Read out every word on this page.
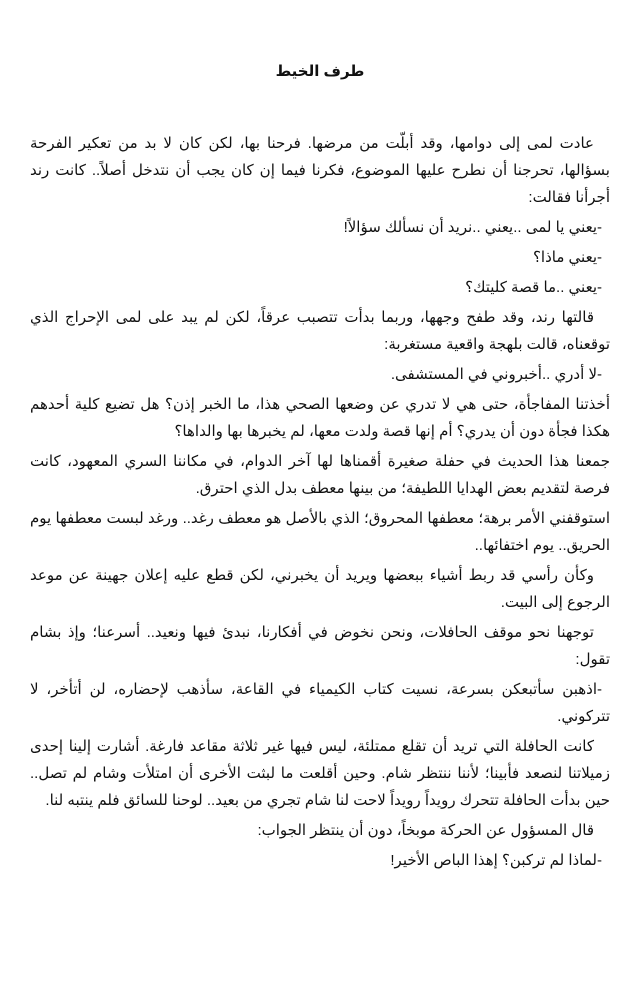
طرف الخيط

عادت لمى إلى دوامها، وقد أبلّت من مرضها. فرحنا بها، لكن كان لا بد من تعكير الفرحة بسؤالها، تحرجنا أن نطرح عليها الموضوع، فكرنا فيما إن كان يجب أن نتدخل أصلاً.. كانت رند أجرأنا فقالت:

-يعني يا لمى ..يعني ..نريد أن نسألك سؤالاً!

-يعني ماذا؟

-يعني ..ما قصة كليتك؟

قالتها رند، وقد طفح وجهها، وربما بدأت تتصبب عرقاً، لكن لم يبد على لمى الإحراج الذي توقعناه، قالت بلهجة واقعية مستغربة:

-لا أدري ..أخبروني في المستشفى.

أخذتنا المفاجأة، حتى هي لا تدري عن وضعها الصحي هذا، ما الخبر إذن؟ هل تضيع كلية أحدهم هكذا فجأة دون أن يدري؟ أم إنها قصة ولدت معها، لم يخبرها بها والداها؟

جمعنا هذا الحديث في حفلة صغيرة أقمناها لها آخر الدوام، في مكاننا السري المعهود، كانت فرصة لتقديم بعض الهدايا اللطيفة؛ من بينها معطف بدل الذي احترق.

استوقفني الأمر برهة؛ معطفها المحروق؛ الذي بالأصل هو معطف رغد.. ورغد لبست معطفها يوم الحريق.. يوم اختفائها..

وكأن رأسي قد ربط أشياء ببعضها ويريد أن يخبرني، لكن قطع عليه إعلان جهينة عن موعد الرجوع إلى البيت.

توجهنا نحو موقف الحافلات، ونحن نخوض في أفكارنا، نبدئ فيها ونعيد.. أسرعنا؛ وإذ بشام تقول:

-اذهبن سأتبعكن بسرعة، نسيت كتاب الكيمياء في القاعة، سأذهب لإحضاره، لن أتأخر، لا تتركوني.

كانت الحافلة التي تريد أن تقلع ممتلئة، ليس فيها غير ثلاثة مقاعد فارغة. أشارت إلينا إحدى زميلاتنا لنصعد فأبينا؛ لأننا ننتظر شام. وحين أقلعت ما لبثت الأخرى أن امتلأت وشام لم تصل.. حين بدأت الحافلة تتحرك رويداً رويداً لاحت لنا شام تجري من بعيد.. لوحنا للسائق فلم ينتبه لنا.

قال المسؤول عن الحركة موبخاً، دون أن ينتظر الجواب:

-لماذا لم تركبن؟ إهذا الباص الأخير!
